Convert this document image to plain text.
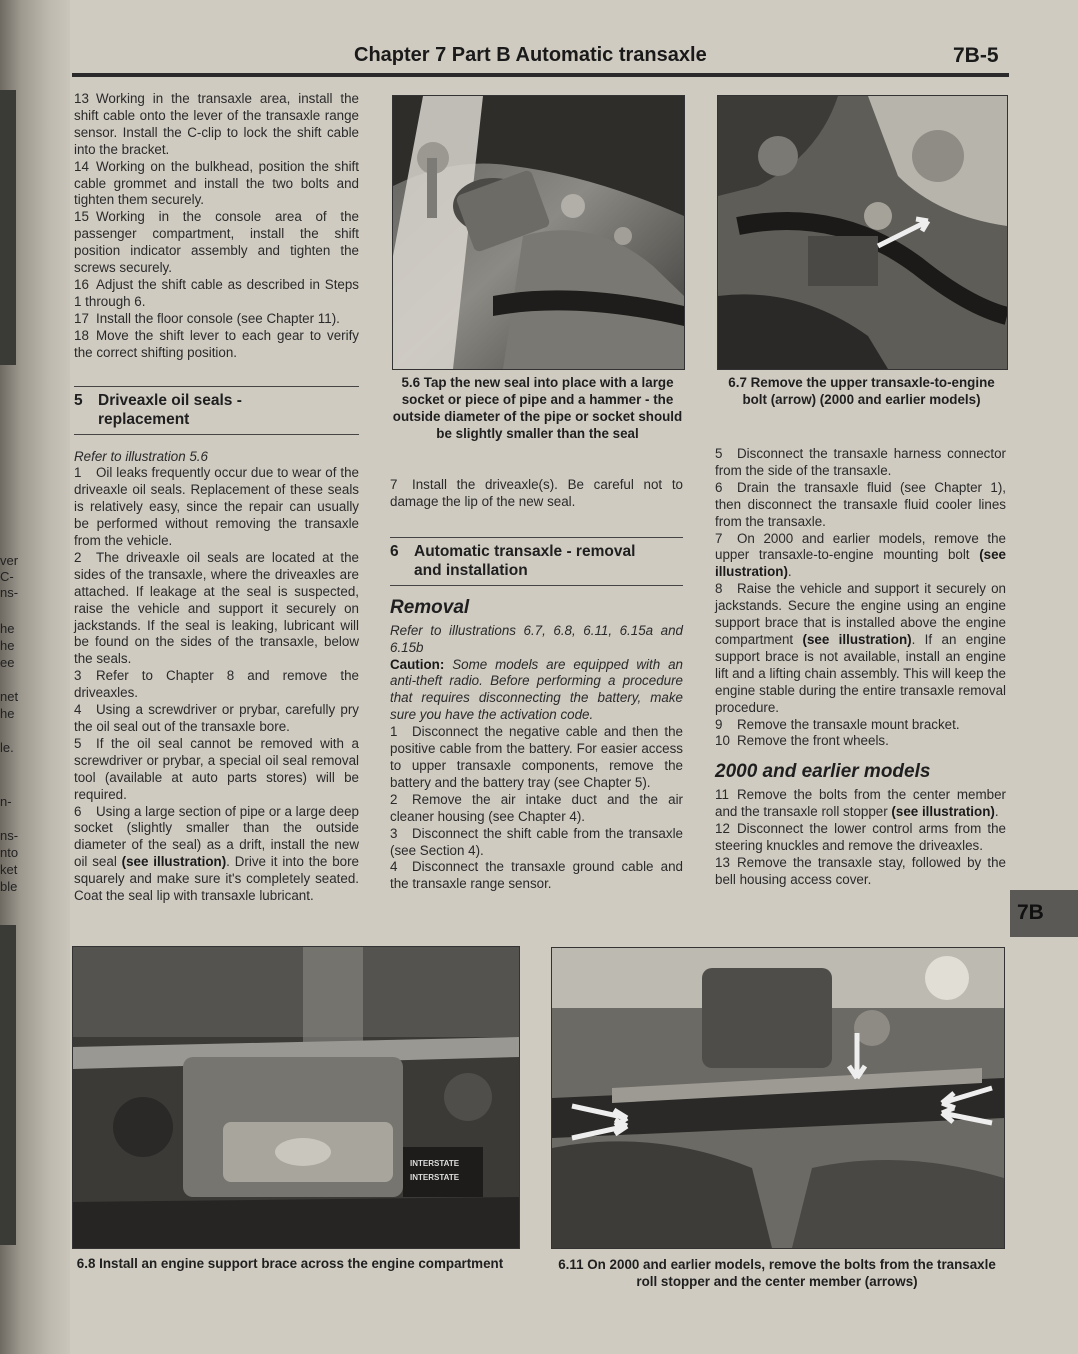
ver
C-
ns-
he
he
ee
net
he
le.
n-
ns-
nto
ket
ble
Chapter 7 Part B Automatic transaxle	7B-5

13 Working in the transaxle area, install the shift cable onto the lever of the transaxle range sensor. Install the C-clip to lock the shift cable into the bracket.

14 Working on the bulkhead, position the shift cable grommet and install the two bolts and tighten them securely.

15 Working in the console area of the passenger compartment, install the shift position indicator assembly and tighten the screws securely.

16 Adjust the shift cable as described in Steps 1 through 6.

17 Install the floor console (see Chapter 11).

18 Move the shift lever to each gear to verify the correct shifting position.

5 Driveaxle oil seals - replacement

Refer to illustration 5.6

1 Oil leaks frequently occur due to wear of the driveaxle oil seals. Replacement of these seals is relatively easy, since the repair can usually be performed without removing the transaxle from the vehicle.

2 The driveaxle oil seals are located at the sides of the transaxle, where the driveaxles are attached. If leakage at the seal is suspected, raise the vehicle and support it securely on jackstands. If the seal is leaking, lubricant will be found on the sides of the transaxle, below the seals.

3 Refer to Chapter 8 and remove the driveaxles.

4 Using a screwdriver or prybar, carefully pry the oil seal out of the transaxle bore.

5 If the oil seal cannot be removed with a screwdriver or prybar, a special oil seal removal tool (available at auto parts stores) will be required.

6 Using a large section of pipe or a large deep socket (slightly smaller than the outside diameter of the seal) as a drift, install the new oil seal (see illustration). Drive it into the bore squarely and make sure it's completely seated. Coat the seal lip with transaxle lubricant.

5.6 Tap the new seal into place with a large socket or piece of pipe and a hammer - the outside diameter of the pipe or socket should be slightly smaller than the seal

7 Install the driveaxle(s). Be careful not to damage the lip of the new seal.

6 Automatic transaxle - removal and installation
Removal

Refer to illustrations 6.7, 6.8, 6.11, 6.15a and 6.15b

Caution: Some models are equipped with an anti-theft radio. Before performing a procedure that requires disconnecting the battery, make sure you have the activation code.

1 Disconnect the negative cable and then the positive cable from the battery. For easier access to upper transaxle components, remove the battery and the battery tray (see Chapter 5).

2 Remove the air intake duct and the air cleaner housing (see Chapter 4).

3 Disconnect the shift cable from the transaxle (see Section 4).

4 Disconnect the transaxle ground cable and the transaxle range sensor.

6.7 Remove the upper transaxle-to-engine bolt (arrow) (2000 and earlier models)

5 Disconnect the transaxle harness connector from the side of the transaxle.

6 Drain the transaxle fluid (see Chapter 1), then disconnect the transaxle fluid cooler lines from the transaxle.

7 On 2000 and earlier models, remove the upper transaxle-to-engine mounting bolt (see illustration).

8 Raise the vehicle and support it securely on jackstands. Secure the engine using an engine support brace that is installed above the engine compartment (see illustration). If an engine support brace is not available, install an engine lift and a lifting chain assembly. This will keep the engine stable during the entire transaxle removal procedure.

9 Remove the transaxle mount bracket.

10 Remove the front wheels.

2000 and earlier models

11 Remove the bolts from the center member and the transaxle roll stopper (see illustration).

12 Disconnect the lower control arms from the steering knuckles and remove the driveaxles.

13 Remove the transaxle stay, followed by the bell housing access cover.

7B
INTERSTATE
INTERSTATE
6.8 Install an engine support brace across the engine compartment	6.11 On 2000 and earlier models, remove the bolts from the transaxle roll stopper and the center member (arrows)
